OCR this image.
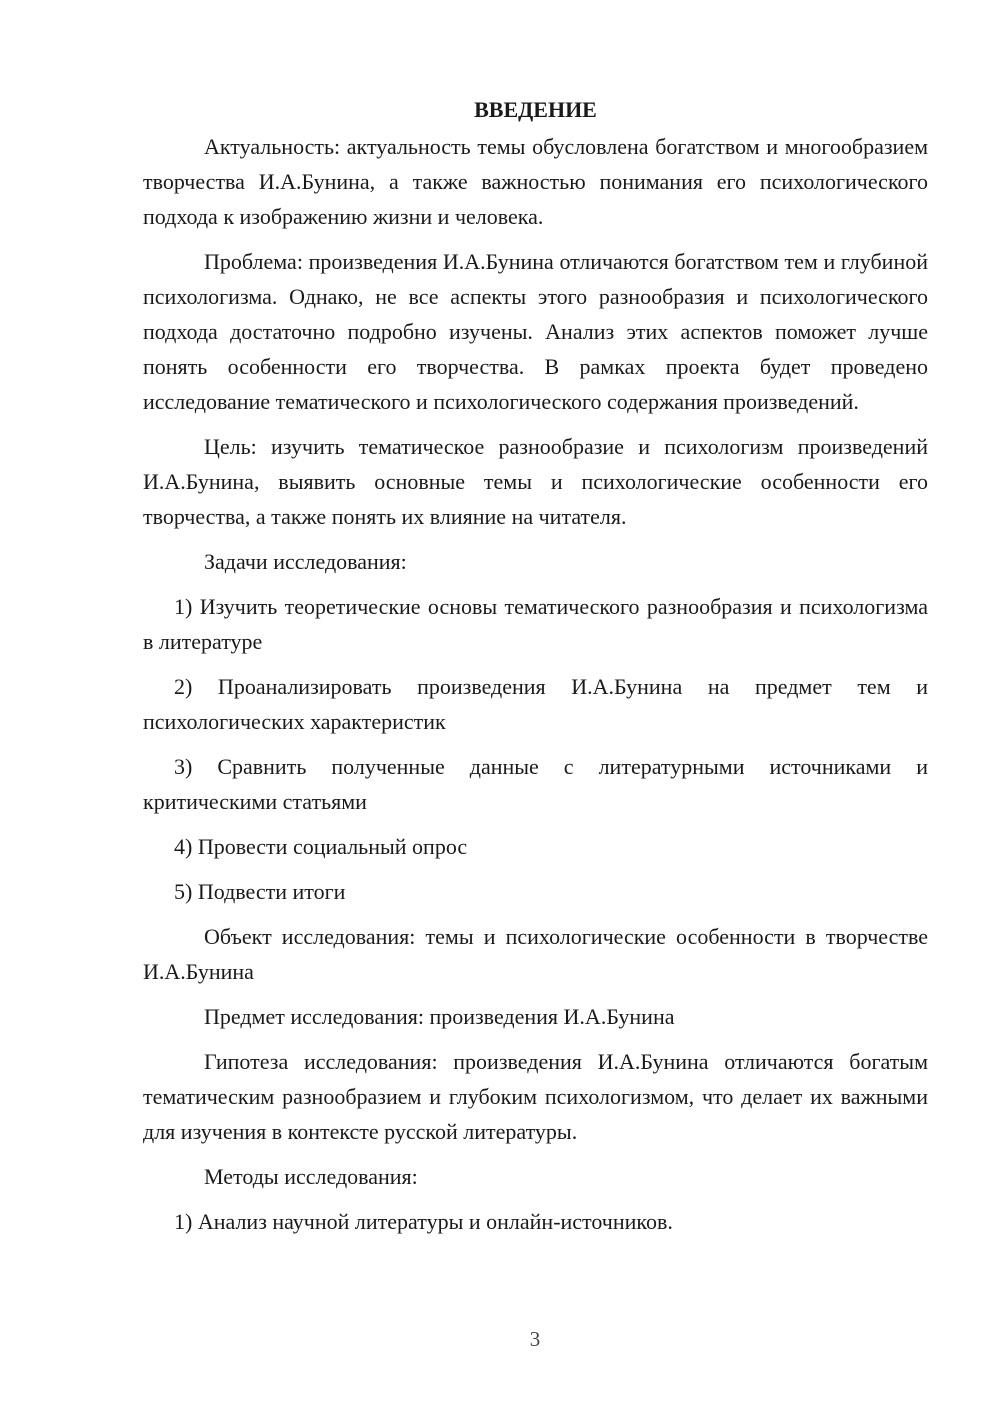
ВВЕДЕНИЕ

Актуальность: актуальность темы обусловлена богатством и многообразием творчества И.А.Бунина, а также важностью понимания его психологического подхода к изображению жизни и человека.

Проблема: произведения И.А.Бунина отличаются богатством тем и глубиной психологизма. Однако, не все аспекты этого разнообразия и психологического подхода достаточно подробно изучены. Анализ этих аспектов поможет лучше понять особенности его творчества. В рамках проекта будет проведено исследование тематического и психологического содержания произведений.

Цель: изучить тематическое разнообразие и психологизм произведений И.А.Бунина, выявить основные темы и психологические особенности его творчества, а также понять их влияние на читателя.

Задачи исследования:

1) Изучить теоретические основы тематического разнообразия и психологизма в литературе

2) Проанализировать произведения И.А.Бунина на предмет тем и психологических характеристик

3) Сравнить полученные данные с литературными источниками и критическими статьями

4) Провести социальный опрос

5) Подвести итоги

Объект исследования: темы и психологические особенности в творчестве И.А.Бунина

Предмет исследования: произведения И.А.Бунина

Гипотеза исследования: произведения И.А.Бунина отличаются богатым тематическим разнообразием и глубоким психологизмом, что делает их важными для изучения в контексте русской литературы.

Методы исследования:

1) Анализ научной литературы и онлайн-источников.

3
